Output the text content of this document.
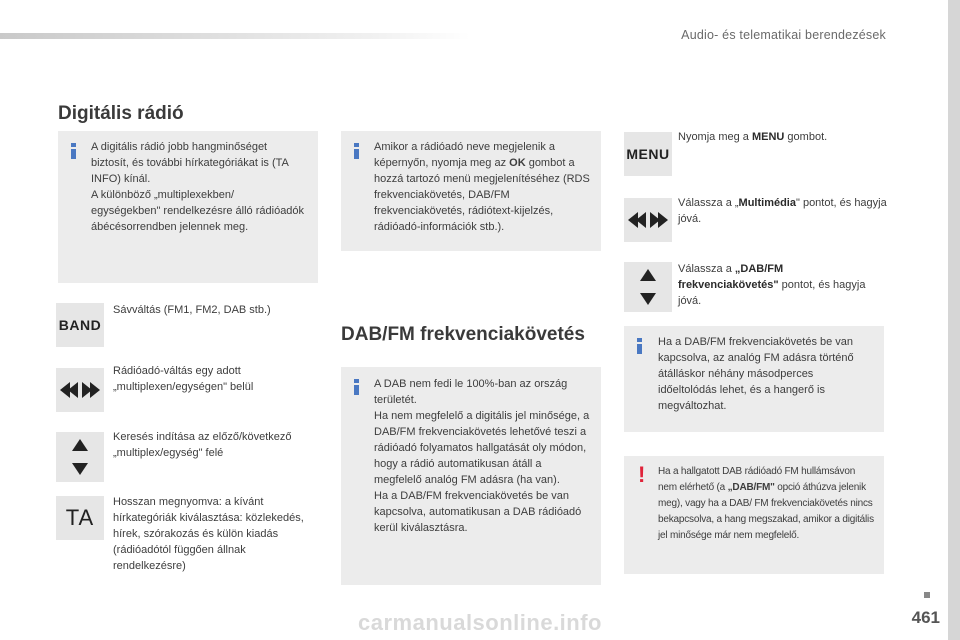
Audio- és telematikai berendezések
Digitális rádió

A digitális rádió jobb hangminőséget biztosít, és további hírkategóriákat is (TA INFO) kínál.
A különböző „multiplexekben/ egységekben" rendelkezésre álló rádióadók ábécésorrendben jelennek meg.

Amikor a rádióadó neve megjelenik a képernyőn, nyomja meg az OK gombot a hozzá tartozó menü megjelenítéséhez (RDS frekvenciakövetés, DAB/FM frekvenciakövetés, rádiótext-kijelzés, rádióadó-információk stb.).

BAND

Sávváltás (FM1, FM2, DAB stb.)

Rádióadó-váltás egy adott „multiplexen/egységen" belül

Keresés indítása az előző/következő „multiplex/egység" felé

TA

Hosszan megnyomva: a kívánt hírkategóriák kiválasztása: közlekedés, hírek, szórakozás és külön kiadás (rádióadótól függően állnak rendelkezésre)

DAB/FM frekvenciakövetés

A DAB nem fedi le 100%-ban az ország területét.
Ha nem megfelelő a digitális jel minősége, a DAB/FM frekvenciakövetés lehetővé teszi a rádióadó folyamatos hallgatását oly módon, hogy a rádió automatikusan átáll a megfelelő analóg FM adásra (ha van).
Ha a DAB/FM frekvenciakövetés be van kapcsolva, automatikusan a DAB rádióadó kerül kiválasztásra.

MENU

Nyomja meg a MENU gombot.

Válassza a „Multimédia" pontot, és hagyja jóvá.

Válassza a „DAB/FM frekvenciakövetés" pontot, és hagyja jóvá.

Ha a DAB/FM frekvenciakövetés be van kapcsolva, az analóg FM adásra történő átálláskor néhány másodperces időeltolódás lehet, és a hangerő is megváltozhat.

! Ha a hallgatott DAB rádióadó FM hullámsávon nem elérhető (a „DAB/FM" opció áthúzva jelenik meg), vagy ha a DAB/ FM frekvenciakövetés nincs bekapcsolva, a hang megszakad, amikor a digitális jel minősége már nem megfelelő.

461
carmanualsonline.info
